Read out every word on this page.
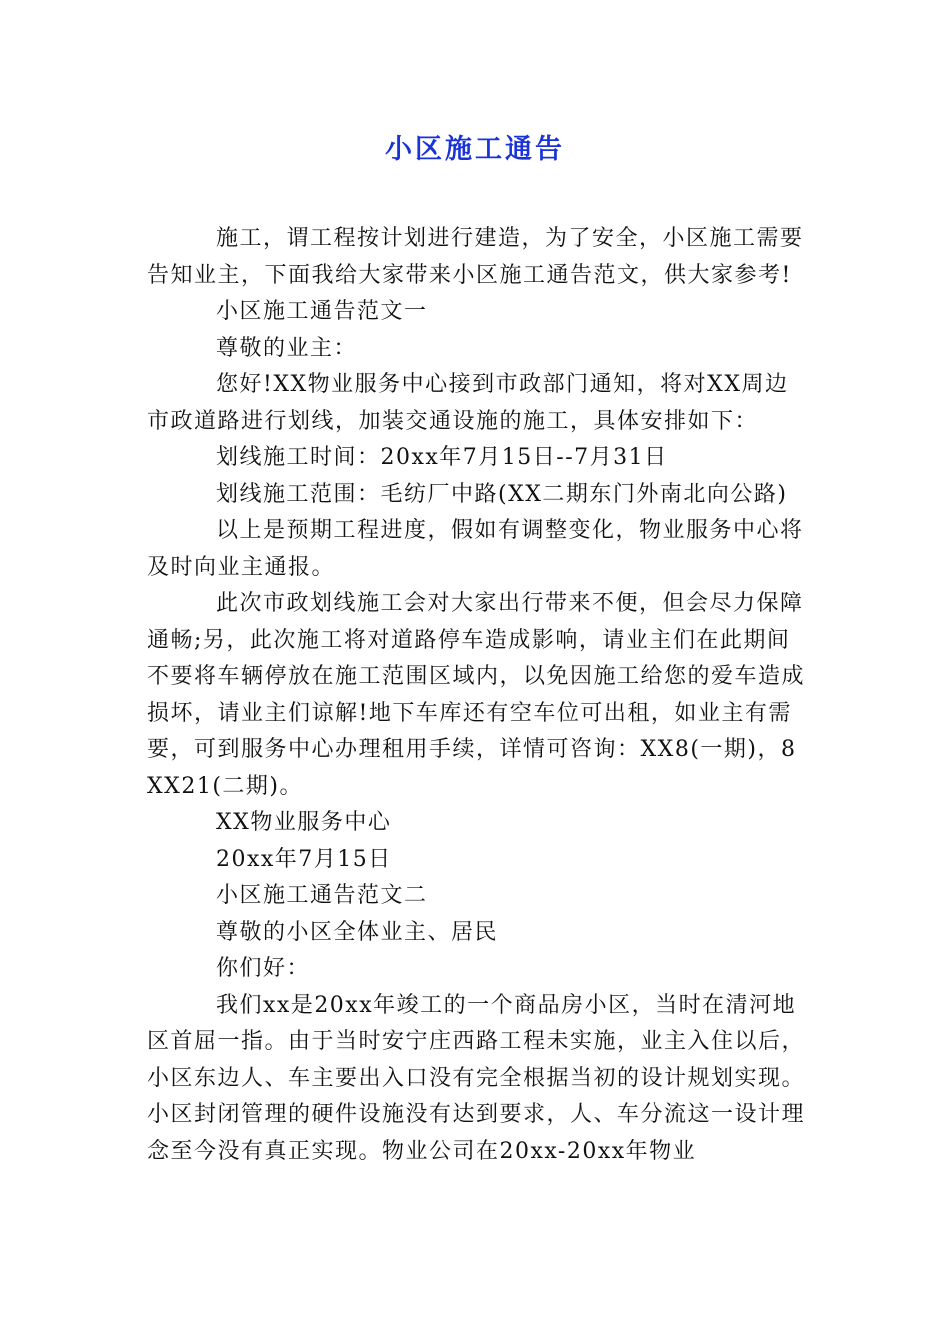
小区施工通告

施工，谓工程按计划进行建造，为了安全，小区施工需要告知业主，下面我给大家带来小区施工通告范文，供大家参考!

小区施工通告范文一

尊敬的业主：

您好!XX物业服务中心接到市政部门通知，将对XX周边市政道路进行划线，加装交通设施的施工，具体安排如下：

划线施工时间：20xx年7月15日--7月31日

划线施工范围：毛纺厂中路(XX二期东门外南北向公路)

以上是预期工程进度，假如有调整变化，物业服务中心将及时向业主通报。

此次市政划线施工会对大家出行带来不便，但会尽力保障通畅;另，此次施工将对道路停车造成影响，请业主们在此期间不要将车辆停放在施工范围区域内，以免因施工给您的爱车造成损坏，请业主们谅解!地下车库还有空车位可出租，如业主有需要，可到服务中心办理租用手续，详情可咨询：XX8(一期)，8XX21(二期)。

XX物业服务中心

20xx年7月15日

小区施工通告范文二

尊敬的小区全体业主、居民

你们好：

我们xx是20xx年竣工的一个商品房小区，当时在清河地区首屈一指。由于当时安宁庄西路工程未实施，业主入住以后，小区东边人、车主要出入口没有完全根据当初的设计规划实现。小区封闭管理的硬件设施没有达到要求，人、车分流这一设计理念至今没有真正实现。物业公司在20xx-20xx年物业
